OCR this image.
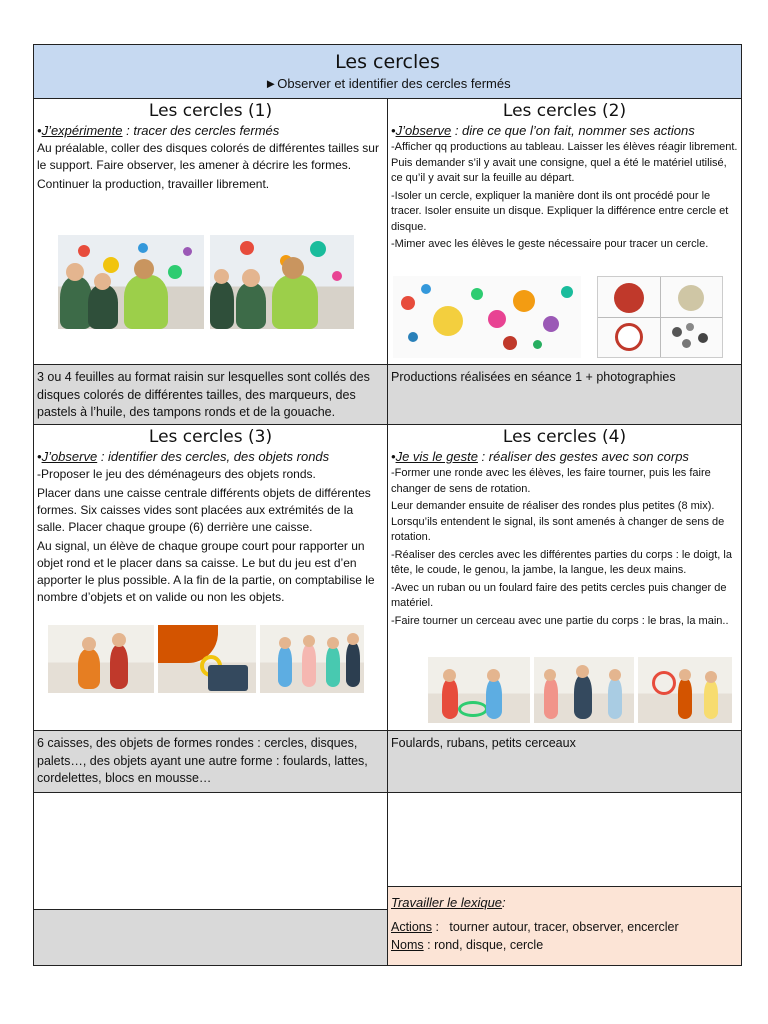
Les cercles
►Observer et identifier des cercles fermés
Les cercles (1)
•J’expérimente : tracer des cercles fermés

Au préalable, coller des disques colorés de différentes tailles sur le support. Faire observer, les amener à décrire les formes.

Continuer la production, travailler librement.

Les cercles (2)
•J’observe : dire ce que l’on fait, nommer ses actions

-Afficher qq productions au tableau. Laisser les élèves réagir librement. Puis demander s’il y avait une consigne, quel a été le matériel utilisé, ce qu’il y avait sur la feuille au départ.

-Isoler un cercle, expliquer la manière dont ils ont procédé pour le tracer. Isoler ensuite un disque. Expliquer la différence entre cercle et disque.

-Mimer avec les élèves le geste nécessaire pour tracer un cercle.

3 ou 4 feuilles au format raisin sur lesquelles sont collés des disques colorés de différentes tailles, des marqueurs, des pastels à l’huile, des tampons ronds et de la gouache.
Productions réalisées en séance 1 + photographies
Les cercles (3)
•J’observe : identifier des cercles, des objets ronds

-Proposer le jeu des déménageurs des objets ronds.

Placer dans une caisse centrale différents objets de différentes formes. Six caisses vides sont placées aux extrémités de la salle. Placer chaque groupe (6) derrière une caisse.

Au signal, un élève de chaque groupe court pour rapporter un objet rond et le placer dans sa caisse. Le but du jeu est d’en apporter le plus possible. A la fin de la partie, on comptabilise le nombre d’objets et on valide ou non les objets.

Les cercles (4)
•Je vis le geste : réaliser des gestes avec son corps

-Former une ronde avec les élèves, les faire tourner, puis les faire changer de sens de rotation.

Leur demander ensuite de réaliser des rondes plus petites (8 mix). Lorsqu’ils entendent le signal, ils sont amenés à changer de sens de rotation.

-Réaliser des cercles avec les différentes parties du corps : le doigt, la tête, le coude, le genou, la jambe, la langue, les deux mains.

-Avec un ruban ou un foulard faire des petits cercles puis changer de matériel.

-Faire tourner un cerceau avec une partie du corps : le bras, la main..

6 caisses, des objets de formes rondes : cercles, disques, palets…, des objets ayant une autre forme : foulards, lattes, cordelettes, blocs en mousse…
Foulards, rubans, petits cerceaux
Travailler le lexique:
Actions :   tourner autour, tracer, observer, encercler
Noms : rond, disque, cercle
